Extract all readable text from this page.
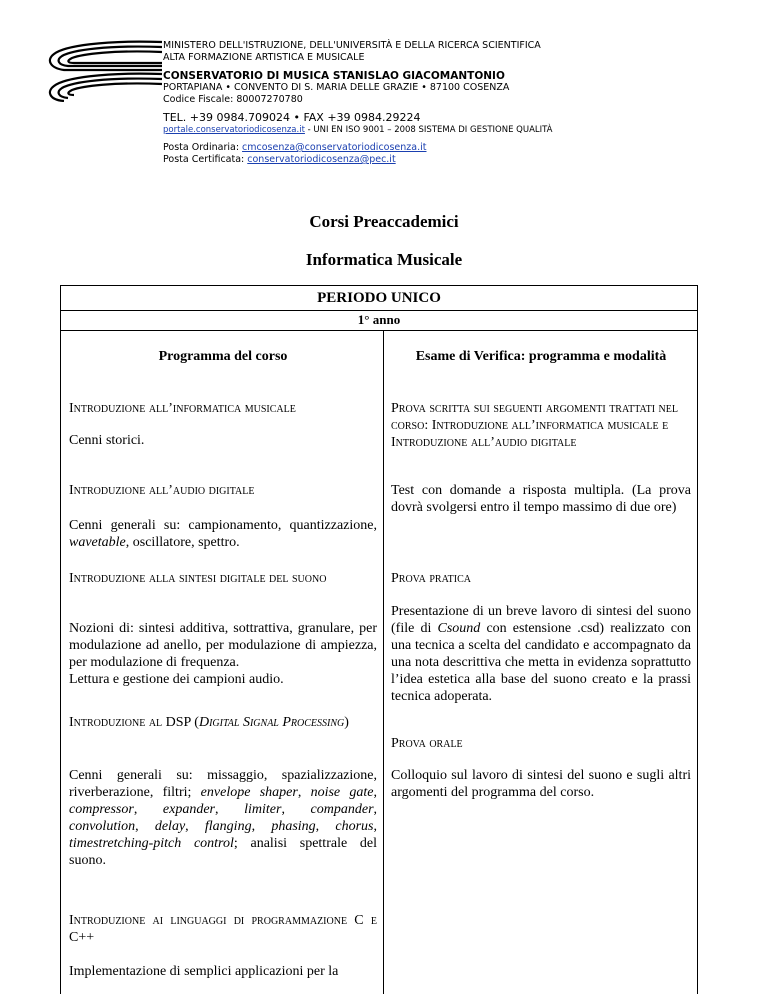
MINISTERO DELL'ISTRUZIONE, DELL'UNIVERSITÀ E DELLA RICERCA SCIENTIFICA
ALTA FORMAZIONE ARTISTICA E MUSICALE
CONSERVATORIO DI MUSICA STANISLAO GIACOMANTONIO
PORTAPIANA • CONVENTO DI S. MARIA DELLE GRAZIE • 87100 COSENZA
Codice Fiscale: 80007270780
TEL. +39 0984.709024 • FAX +39 0984.29224
portale.conservatoriodicosenza.it - UNI EN ISO 9001 – 2008 SISTEMA DI GESTIONE QUALITÀ
Posta Ordinaria: cmcosenza@conservatoriodicosenza.it
Posta Certificata: conservatoriodicosenza@pec.it
Corsi Preaccademici
Informatica Musicale
PERIODO UNICO
1° anno
Programma del corso
Introduzione all’informatica musicale
Cenni storici.
Introduzione all’audio digitale
Cenni generali su: campionamento, quantizzazione, wavetable, oscillatore, spettro.
Introduzione alla sintesi digitale del suono
Nozioni di: sintesi additiva, sottrattiva, granulare, per modulazione ad anello, per modulazione di ampiezza, per modulazione di frequenza.
Lettura e gestione dei campioni audio.
Introduzione al DSP (Digital Signal Processing)
Cenni generali su: missaggio, spazializzazione, riverberazione, filtri; envelope shaper, noise gate, compressor, expander, limiter, compander, convolution, delay, flanging, phasing, chorus, timestretching-pitch control; analisi spettrale del suono.
Introduzione ai linguaggi di programmazione C e C++
Implementazione di semplici applicazioni per la
Esame di Verifica: programma e modalità
Prova scritta sui seguenti argomenti trattati nel corso: Introduzione all’informatica musicale e Introduzione all’audio digitale
Test con domande a risposta multipla. (La prova dovrà svolgersi entro il tempo massimo di due ore)
Prova pratica
Presentazione di un breve lavoro di sintesi del suono (file di Csound con estensione .csd) realizzato con una tecnica a scelta del candidato e accompagnato da una nota descrittiva che metta in evidenza soprattutto l’idea estetica alla base del suono creato e la prassi tecnica adoperata.
Prova orale
Colloquio sul lavoro di sintesi del suono e sugli altri argomenti del programma del corso.
